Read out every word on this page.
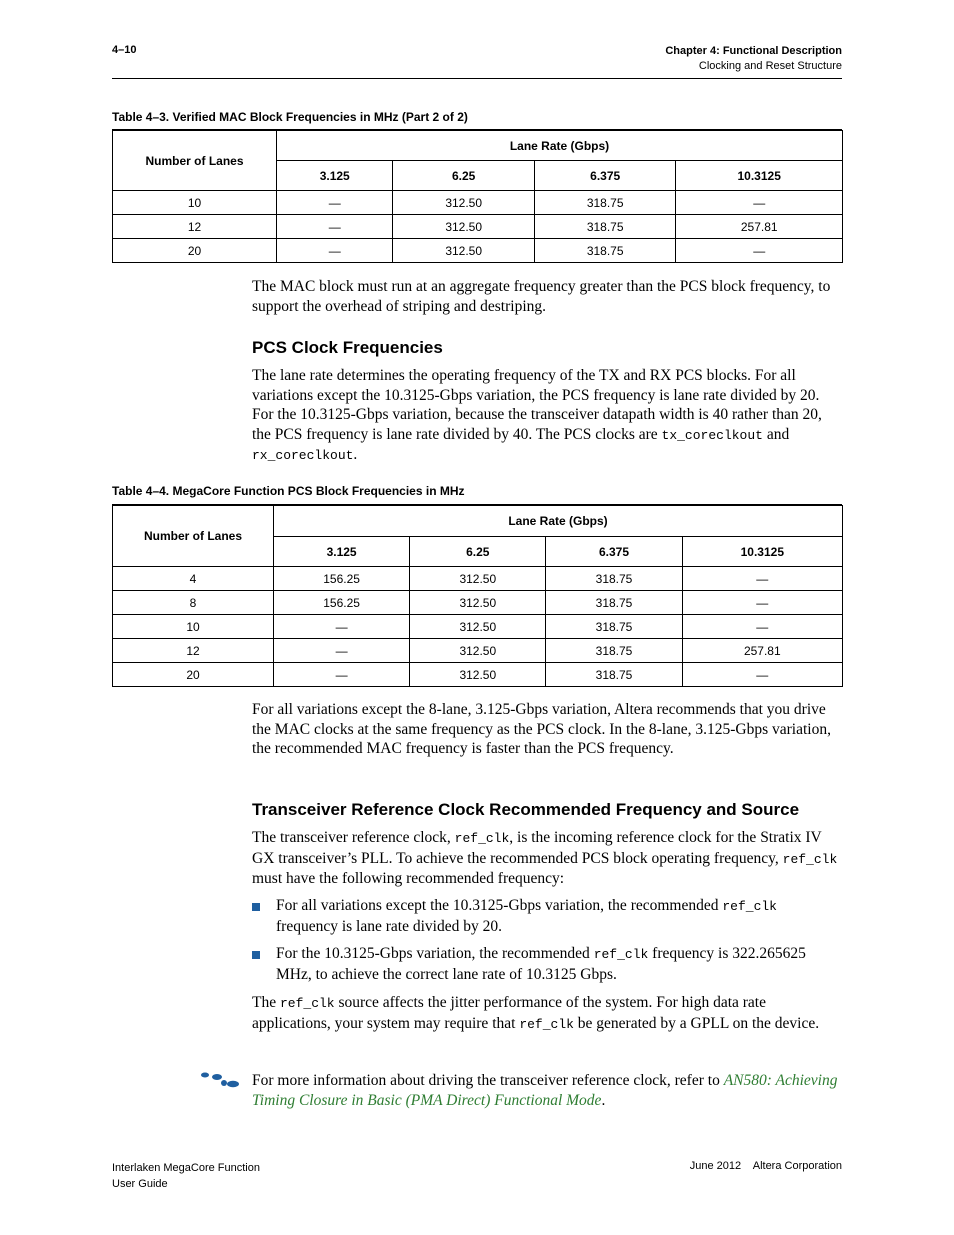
4–10	Chapter 4: Functional Description
Clocking and Reset Structure
Table 4–3. Verified MAC Block Frequencies in MHz (Part 2 of 2)
Number of Lanes	Lane Rate (Gbps)			
	3.125	6.25	6.375	10.3125
10	—	312.50	318.75	—
12	—	312.50	318.75	257.81
20	—	312.50	318.75	—
The MAC block must run at an aggregate frequency greater than the PCS block frequency, to support the overhead of striping and destriping.
PCS Clock Frequencies
The lane rate determines the operating frequency of the TX and RX PCS blocks. For all variations except the 10.3125-Gbps variation, the PCS frequency is lane rate divided by 20. For the 10.3125-Gbps variation, because the transceiver datapath width is 40 rather than 20, the PCS frequency is lane rate divided by 40. The PCS clocks are tx_coreclkout and rx_coreclkout.
Table 4–4. MegaCore Function PCS Block Frequencies in MHz
Number of Lanes	Lane Rate (Gbps)			
	3.125	6.25	6.375	10.3125
4	156.25	312.50	318.75	—
8	156.25	312.50	318.75	—
10	—	312.50	318.75	—
12	—	312.50	318.75	257.81
20	—	312.50	318.75	—
For all variations except the 8-lane, 3.125-Gbps variation, Altera recommends that you drive the MAC clocks at the same frequency as the PCS clock. In the 8-lane, 3.125-Gbps variation, the recommended MAC frequency is faster than the PCS frequency.
Transceiver Reference Clock Recommended Frequency and Source
The transceiver reference clock, ref_clk, is the incoming reference clock for the Stratix IV GX transceiver’s PLL. To achieve the recommended PCS block operating frequency, ref_clk must have the following recommended frequency:
For all variations except the 10.3125-Gbps variation, the recommended ref_clk frequency is lane rate divided by 20.
For the 10.3125-Gbps variation, the recommended ref_clk frequency is 322.265625 MHz, to achieve the correct lane rate of 10.3125 Gbps.
The ref_clk source affects the jitter performance of the system. For high data rate applications, your system may require that ref_clk be generated by a GPLL on the device.
For more information about driving the transceiver reference clock, refer to AN580: Achieving Timing Closure in Basic (PMA Direct) Functional Mode.
Interlaken MegaCore Function
User Guide
June 2012    Altera Corporation
